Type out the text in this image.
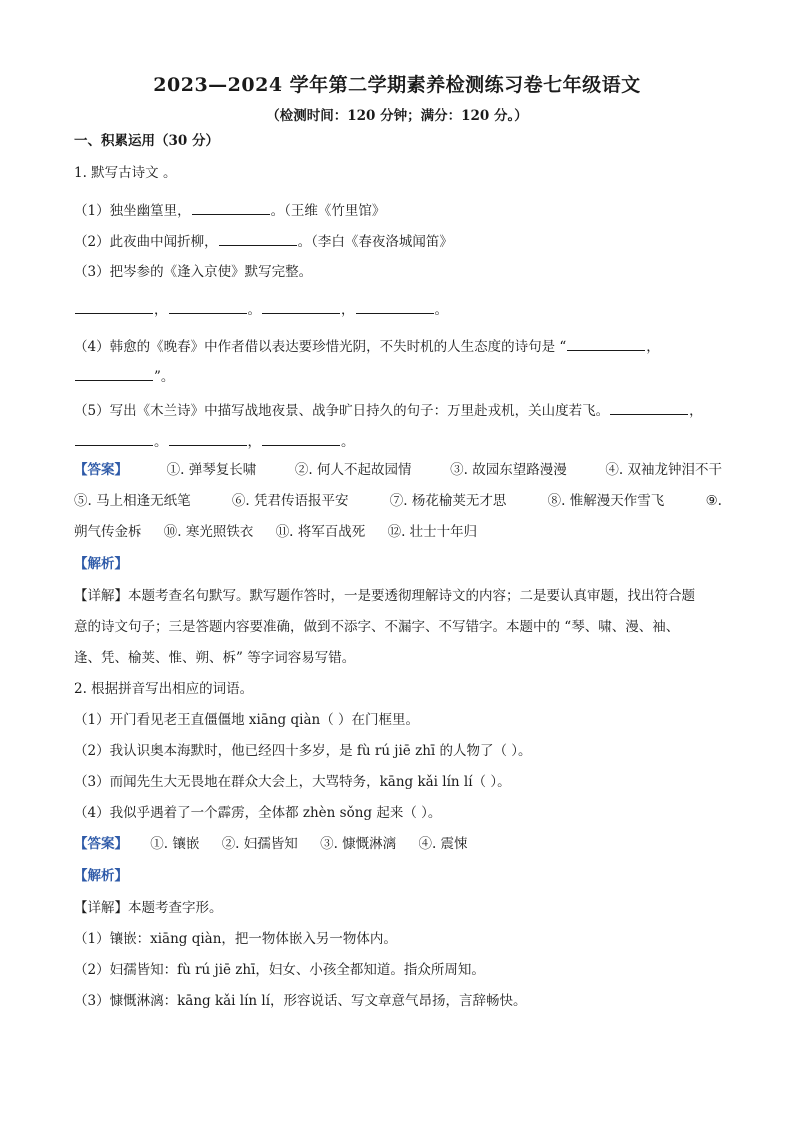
2023—2024 学年第二学期素养检测练习卷七年级语文
（检测时间：120 分钟；满分：120 分。）
一、积累运用（30 分）
1. 默写古诗文 。
（1）独坐幽篁里，	。（王维《竹里馆》
（2）此夜曲中闻折柳，	。（李白《春夜洛城闻笛》
（3）把岑参的《逢入京使》默写完整。
，	。	，	。
（4）韩愈的《晚春》中作者借以表达要珍惜光阴，不失时机的人生态度的诗句是 “	，
”。
（5）写出《木兰诗》中描写战地夜景、战争旷日持久的句子：万里赴戎机，关山度若飞。	，
。	，	。
【答案】	①. 弹琴复长啸	②. 何人不起故园情	③. 故园东望路漫漫	④. 双袖龙钟泪不干
⑤. 马上相逢无纸笔	⑥. 凭君传语报平安	⑦. 杨花榆荚无才思	⑧. 惟解漫天作雪飞	⑨.
朔气传金柝 ⑩. 寒光照铁衣 ⑪. 将军百战死 ⑫. 壮士十年归
【解析】
【详解】本题考查名句默写。默写题作答时，一是要透彻理解诗文的内容；二是要认真审题，找出符合题
意的诗文句子；三是答题内容要准确，做到不添字、不漏字、不写错字。本题中的 “琴、啸、漫、袖、
逢、凭、榆荚、惟、朔、柝” 等字词容易写错。
2. 根据拼音写出相应的词语。
（1）开门看见老王直僵僵地 xiāng qiàn（ ）在门框里。
（2）我认识奥本海默时，他已经四十多岁，是 fù rú jiē zhī 的人物了（ ）。
（3）而闻先生大无畏地在群众大会上，大骂特务，kāng kǎi lín lí（ ）。
（4）我似乎遇着了一个霹雳，全体都 zhèn sǒng 起来（ ）。
【答案】 ①. 镶嵌 ②. 妇孺皆知 ③. 慷慨淋漓 ④. 震悚
【解析】
【详解】本题考查字形。
（1）镶嵌：xiāng qiàn，把一物体嵌入另一物体内。
（2）妇孺皆知：fù rú jiē zhī，妇女、小孩全都知道。指众所周知。
（3）慷慨淋漓：kāng kǎi lín lí，形容说话、写文章意气昂扬，言辞畅快。
